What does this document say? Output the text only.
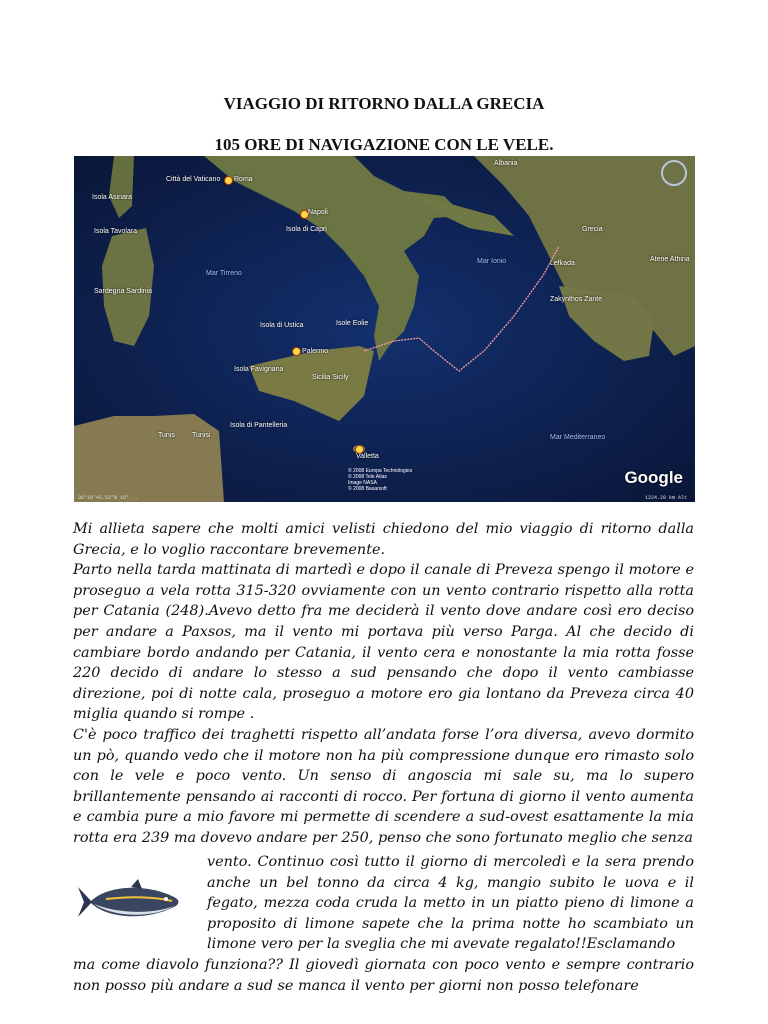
VIAGGIO DI RITORNO DALLA GRECIA
105 ORE DI NAVIGAZIONE CON LE VELE.
Città del Vaticano Roma
Napoli
Isola di Capri
Isola Asinara
Isola Tavolara
Sardegna Sardinia
Mar Tirreno
Mar Ionio
Isola di Ustica	Isole Eolie
Palermo
Isola Favignana
Sicilia Sicily
Tunis Tunisi
Isola di Pantelleria
Valletta
Mar Mediterraneo
Albania
Grecia
Lefkada
Zakynthos Zante
Atene Athina
© 2008 Europa Technologies
© 2008 Tele Atlas
Image NASA
© 2008 Basarsoft
Google
36°19'42.52"N 16°...	1224.20 km Alt

Mi allieta sapere che molti amici velisti chiedono del mio viaggio di ritorno dalla Grecia, e lo voglio raccontare brevemente.

Parto nella tarda mattinata di martedì e dopo il canale di Preveza spengo il motore e proseguo a vela rotta 315-320 ovviamente con un vento contrario rispetto alla rotta per Catania (248).Avevo detto fra me deciderà il vento dove andare così ero deciso per andare a Paxsos, ma il vento mi portava più verso Parga. Al che decido di cambiare bordo andando per Catania, il vento cera e nonostante la mia rotta fosse 220 decido di andare lo stesso a sud pensando che dopo il vento cambiasse direzione, poi di notte cala, proseguo a motore ero gia lontano da Preveza circa 40 miglia quando si rompe .

C'è poco traffico dei traghetti rispetto all’andata forse l’ora diversa, avevo dormito un pò, quando vedo che il motore non ha più compressione dunque ero rimasto solo con le vele e poco vento. Un senso di angoscia mi sale su, ma lo supero brillantemente pensando ai racconti di rocco. Per fortuna di giorno il vento aumenta e cambia pure a mio favore mi permette di scendere a sud-ovest esattamente la mia rotta era 239 ma dovevo andare per 250, penso che sono fortunato meglio che senza

vento. Continuo così tutto il giorno di mercoledì e la sera prendo anche un bel tonno da circa 4 kg, mangio subito le uova e il fegato, mezza coda cruda la metto in un piatto pieno di limone a proposito di limone sapete che la prima notte ho scambiato un limone vero per la sveglia che mi avevate regalato!!Esclamando
ma come diavolo funziona?? Il giovedì giornata con poco vento e sempre contrario non posso più andare a sud se manca il vento per giorni non posso telefonare
